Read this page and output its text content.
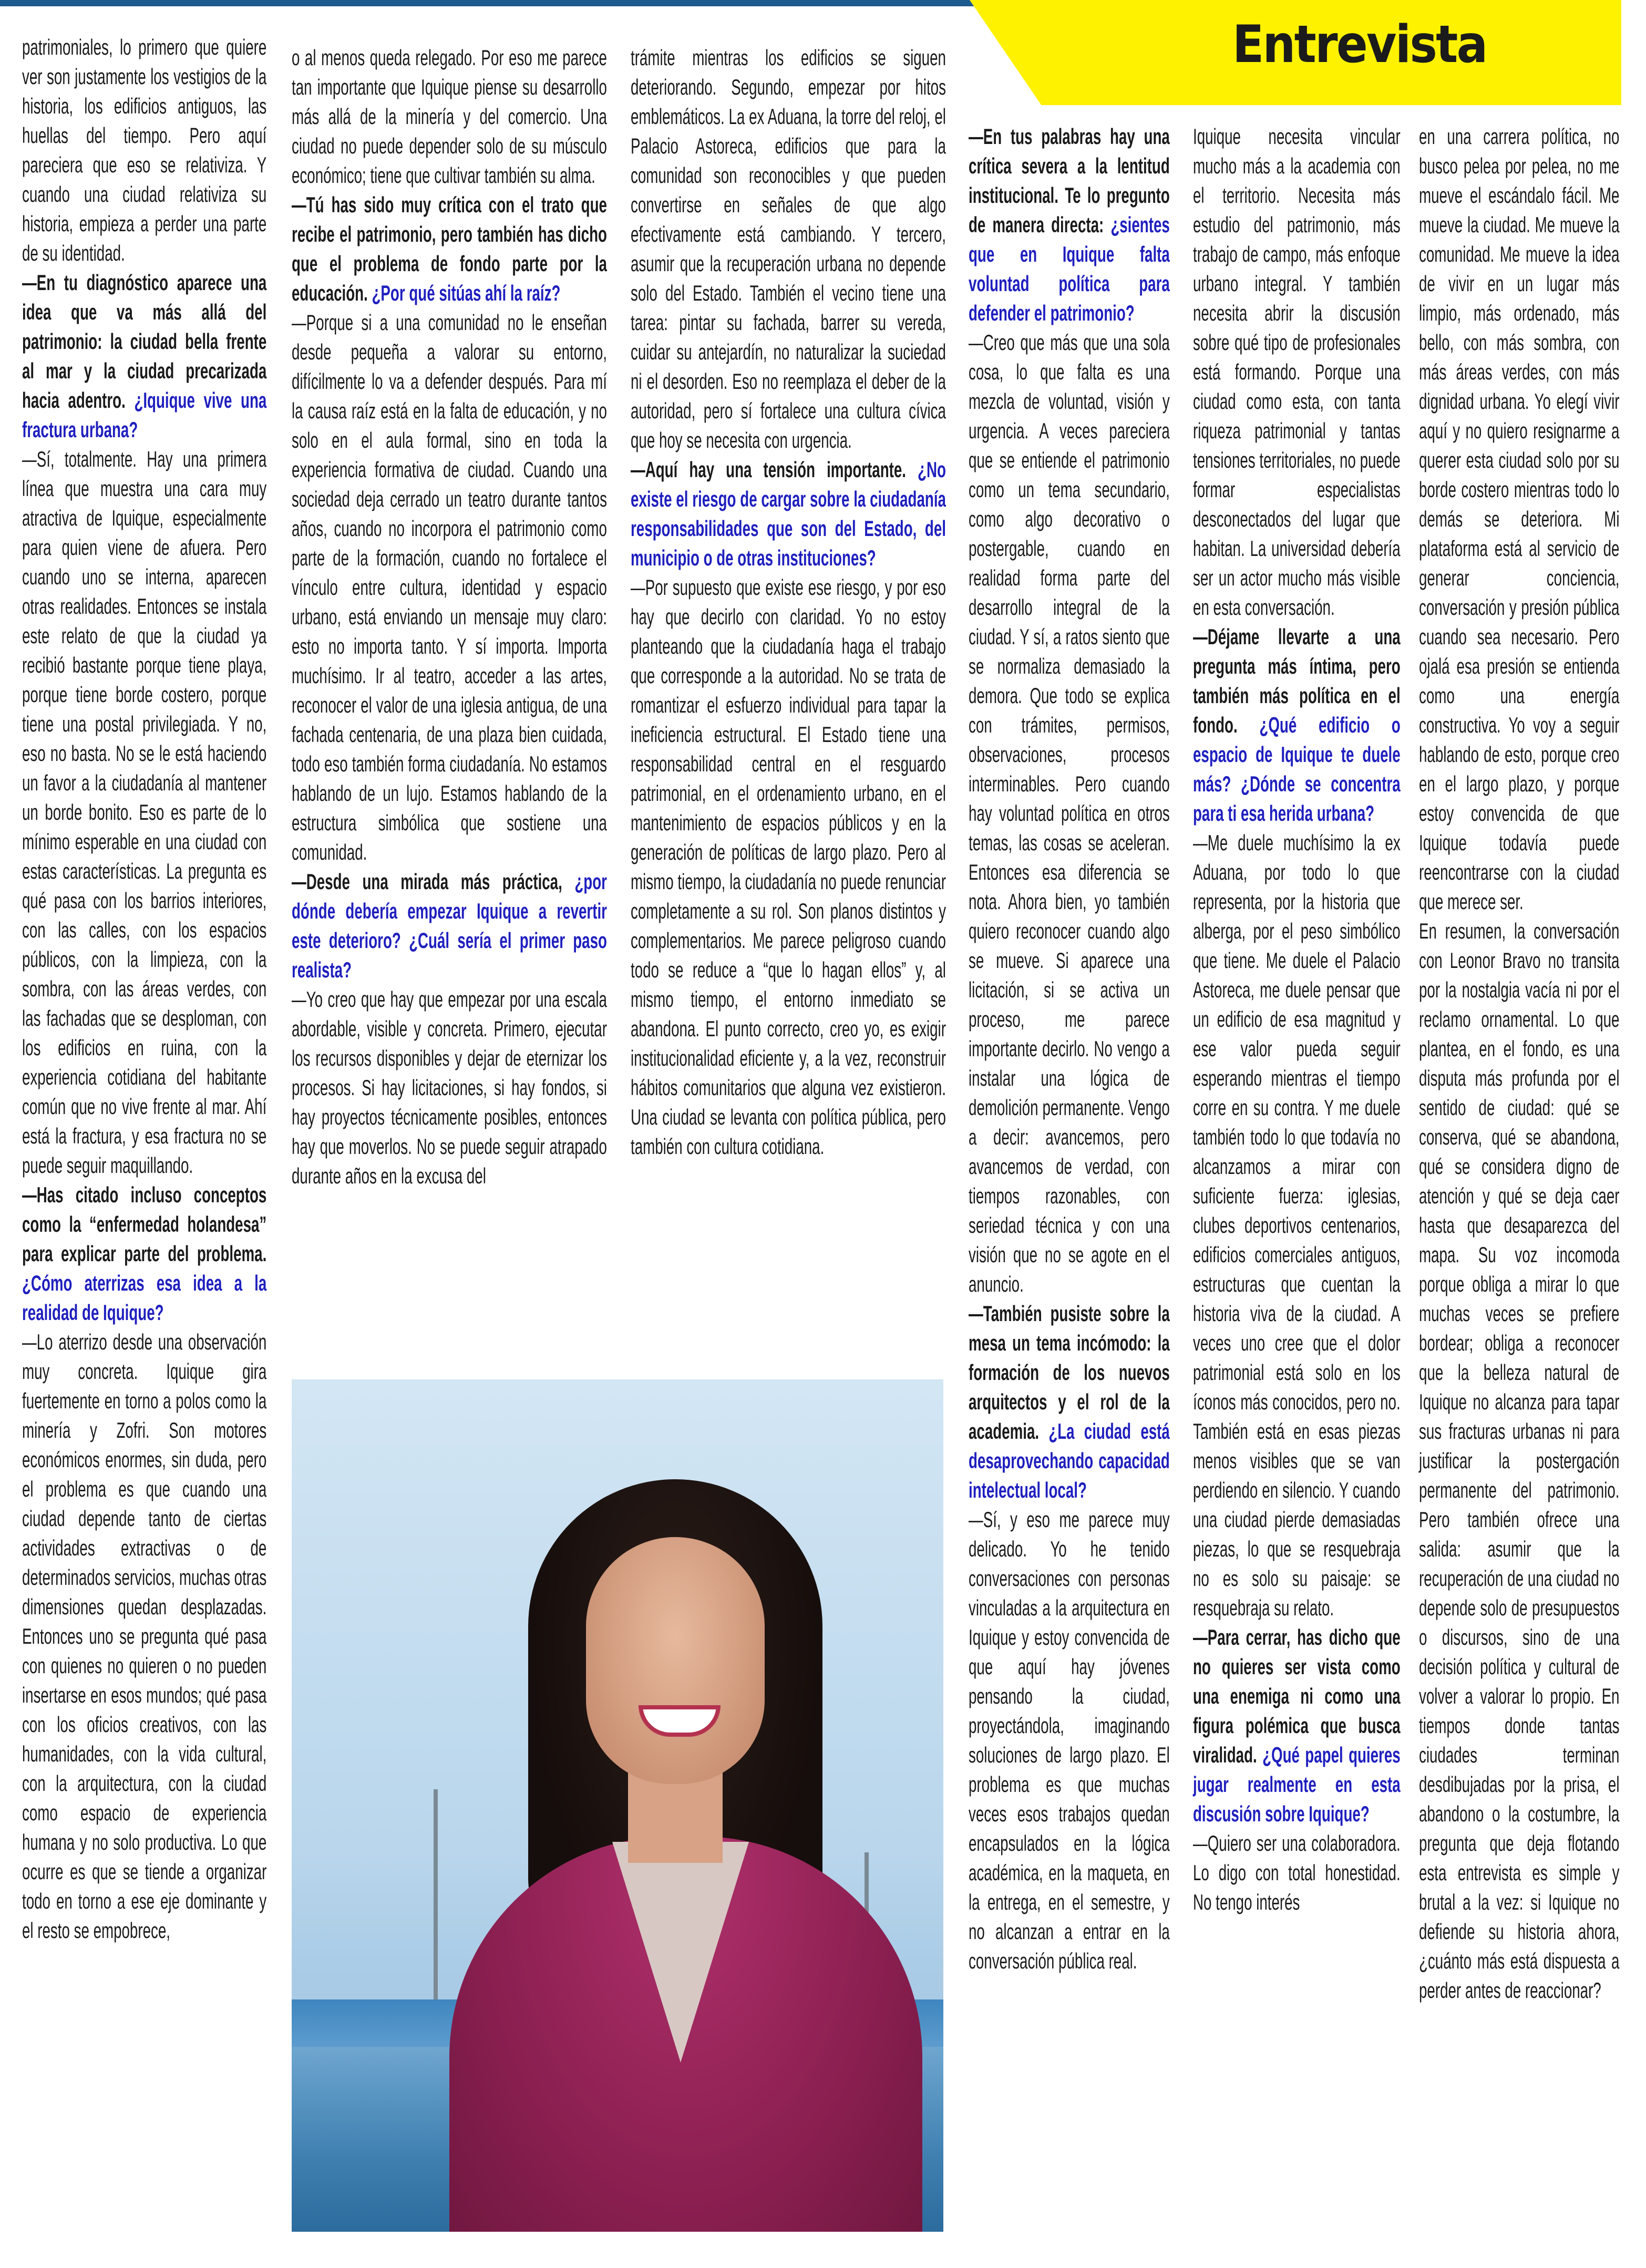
Entrevista

patrimoniales, lo primero que quiere ver son justamente los vestigios de la historia, los edificios antiguos, las huellas del tiempo. Pero aquí pareciera que eso se relativiza. Y cuando una ciudad relativiza su historia, empieza a perder una parte de su identidad.

—En tu diagnóstico aparece una idea que va más allá del patrimonio: la ciudad bella frente al mar y la ciudad precarizada hacia adentro. ¿Iquique vive una fractura urbana?

—Sí, totalmente. Hay una primera línea que muestra una cara muy atractiva de Iquique, especialmente para quien viene de afuera. Pero cuando uno se interna, aparecen otras realidades. Entonces se instala este relato de que la ciudad ya recibió bastante porque tiene playa, porque tiene borde costero, porque tiene una postal privilegiada. Y no, eso no basta. No se le está haciendo un favor a la ciudadanía al mantener un borde bonito. Eso es parte de lo mínimo esperable en una ciudad con estas características. La pregunta es qué pasa con los barrios interiores, con las calles, con los espacios públicos, con la limpieza, con la sombra, con las áreas verdes, con las fachadas que se desploman, con los edificios en ruina, con la experiencia cotidiana del habitante común que no vive frente al mar. Ahí está la fractura, y esa fractura no se puede seguir maquillando.

—Has citado incluso conceptos como la “enfermedad holandesa” para explicar parte del problema. ¿Cómo aterrizas esa idea a la realidad de Iquique?

—Lo aterrizo desde una observación muy concreta. Iquique gira fuertemente en torno a polos como la minería y Zofri. Son motores económicos enormes, sin duda, pero el problema es que cuando una ciudad depende tanto de ciertas actividades extractivas o de determinados servicios, muchas otras dimensiones quedan desplazadas. Entonces uno se pregunta qué pasa con quienes no quieren o no pueden insertarse en esos mundos; qué pasa con los oficios creativos, con las humanidades, con la vida cultural, con la arquitectura, con la ciudad como espacio de experiencia humana y no solo productiva. Lo que ocurre es que se tiende a organizar todo en torno a ese eje dominante y el resto se empobrece,

o al menos queda relegado. Por eso me parece tan importante que Iquique piense su desarrollo más allá de la minería y del comercio. Una ciudad no puede depender solo de su músculo económico; tiene que cultivar también su alma.

—Tú has sido muy crítica con el trato que recibe el patrimonio, pero también has dicho que el problema de fondo parte por la educación. ¿Por qué sitúas ahí la raíz?

—Porque si a una comunidad no le enseñan desde pequeña a valorar su entorno, difícilmente lo va a defender después. Para mí la causa raíz está en la falta de educación, y no solo en el aula formal, sino en toda la experiencia formativa de ciudad. Cuando una sociedad deja cerrado un teatro durante tantos años, cuando no incorpora el patrimonio como parte de la formación, cuando no fortalece el vínculo entre cultura, identidad y espacio urbano, está enviando un mensaje muy claro: esto no importa tanto. Y sí importa. Importa muchísimo. Ir al teatro, acceder a las artes, reconocer el valor de una iglesia antigua, de una fachada centenaria, de una plaza bien cuidada, todo eso también forma ciudadanía. No estamos hablando de un lujo. Estamos hablando de la estructura simbólica que sostiene una comunidad.

—Desde una mirada más práctica, ¿por dónde debería empezar Iquique a revertir este deterioro? ¿Cuál sería el primer paso realista?

—Yo creo que hay que empezar por una escala abordable, visible y concreta. Primero, ejecutar los recursos disponibles y dejar de eternizar los procesos. Si hay licitaciones, si hay fondos, si hay proyectos técnicamente posibles, entonces hay que moverlos. No se puede seguir atrapado durante años en la excusa del

trámite mientras los edificios se siguen deteriorando. Segundo, empezar por hitos emblemáticos. La ex Aduana, la torre del reloj, el Palacio Astoreca, edificios que para la comunidad son reconocibles y que pueden convertirse en señales de que algo efectivamente está cambiando. Y tercero, asumir que la recuperación urbana no depende solo del Estado. También el vecino tiene una tarea: pintar su fachada, barrer su vereda, cuidar su antejardín, no naturalizar la suciedad ni el desorden. Eso no reemplaza el deber de la autoridad, pero sí fortalece una cultura cívica que hoy se necesita con urgencia.

—Aquí hay una tensión importante. ¿No existe el riesgo de cargar sobre la ciudadanía responsabilidades que son del Estado, del municipio o de otras instituciones?

—Por supuesto que existe ese riesgo, y por eso hay que decirlo con claridad. Yo no estoy planteando que la ciudadanía haga el trabajo que corresponde a la autoridad. No se trata de romantizar el esfuerzo individual para tapar la ineficiencia estructural. El Estado tiene una responsabilidad central en el resguardo patrimonial, en el ordenamiento urbano, en el mantenimiento de espacios públicos y en la generación de políticas de largo plazo. Pero al mismo tiempo, la ciudadanía no puede renunciar completamente a su rol. Son planos distintos y complementarios. Me parece peligroso cuando todo se reduce a “que lo hagan ellos” y, al mismo tiempo, el entorno inmediato se abandona. El punto correcto, creo yo, es exigir institucionalidad eficiente y, a la vez, reconstruir hábitos comunitarios que alguna vez existieron. Una ciudad se levanta con política pública, pero también con cultura cotidiana.

—En tus palabras hay una crítica severa a la lentitud institucional. Te lo pregunto de manera directa: ¿sientes que en Iquique falta voluntad política para defender el patrimonio?

—Creo que más que una sola cosa, lo que falta es una mezcla de voluntad, visión y urgencia. A veces pareciera que se entiende el patrimonio como un tema secundario, como algo decorativo o postergable, cuando en realidad forma parte del desarrollo integral de la ciudad. Y sí, a ratos siento que se normaliza demasiado la demora. Que todo se explica con trámites, permisos, observaciones, procesos interminables. Pero cuando hay voluntad política en otros temas, las cosas se aceleran. Entonces esa diferencia se nota. Ahora bien, yo también quiero reconocer cuando algo se mueve. Si aparece una licitación, si se activa un proceso, me parece importante decirlo. No vengo a instalar una lógica de demolición permanente. Vengo a decir: avancemos, pero avancemos de verdad, con tiempos razonables, con seriedad técnica y con una visión que no se agote en el anuncio.

—También pusiste sobre la mesa un tema incómodo: la formación de los nuevos arquitectos y el rol de la academia. ¿La ciudad está desaprovechando capacidad intelectual local?

—Sí, y eso me parece muy delicado. Yo he tenido conversaciones con personas vinculadas a la arquitectura en Iquique y estoy convencida de que aquí hay jóvenes pensando la ciudad, proyectándola, imaginando soluciones de largo plazo. El problema es que muchas veces esos trabajos quedan encapsulados en la lógica académica, en la maqueta, en la entrega, en el semestre, y no alcanzan a entrar en la conversación pública real.

Iquique necesita vincular mucho más a la academia con el territorio. Necesita más estudio del patrimonio, más trabajo de campo, más enfoque urbano integral. Y también necesita abrir la discusión sobre qué tipo de profesionales está formando. Porque una ciudad como esta, con tanta riqueza patrimonial y tantas tensiones territoriales, no puede formar especialistas desconectados del lugar que habitan. La universidad debería ser un actor mucho más visible en esta conversación.

—Déjame llevarte a una pregunta más íntima, pero también más política en el fondo. ¿Qué edificio o espacio de Iquique te duele más? ¿Dónde se concentra para ti esa herida urbana?

—Me duele muchísimo la ex Aduana, por todo lo que representa, por la historia que alberga, por el peso simbólico que tiene. Me duele el Palacio Astoreca, me duele pensar que un edificio de esa magnitud y ese valor pueda seguir esperando mientras el tiempo corre en su contra. Y me duele también todo lo que todavía no alcanzamos a mirar con suficiente fuerza: iglesias, clubes deportivos centenarios, edificios comerciales antiguos, estructuras que cuentan la historia viva de la ciudad. A veces uno cree que el dolor patrimonial está solo en los íconos más conocidos, pero no. También está en esas piezas menos visibles que se van perdiendo en silencio. Y cuando una ciudad pierde demasiadas piezas, lo que se resquebraja no es solo su paisaje: se resquebraja su relato.

—Para cerrar, has dicho que no quieres ser vista como una enemiga ni como una figura polémica que busca viralidad. ¿Qué papel quieres jugar realmente en esta discusión sobre Iquique?

—Quiero ser una colaboradora. Lo digo con total honestidad. No tengo interés

en una carrera política, no busco pelea por pelea, no me mueve el escándalo fácil. Me mueve la ciudad. Me mueve la comunidad. Me mueve la idea de vivir en un lugar más limpio, más ordenado, más bello, con más sombra, con más áreas verdes, con más dignidad urbana. Yo elegí vivir aquí y no quiero resignarme a querer esta ciudad solo por su borde costero mientras todo lo demás se deteriora. Mi plataforma está al servicio de generar conciencia, conversación y presión pública cuando sea necesario. Pero ojalá esa presión se entienda como una energía constructiva. Yo voy a seguir hablando de esto, porque creo en el largo plazo, y porque estoy convencida de que Iquique todavía puede reencontrarse con la ciudad que merece ser.

En resumen, la conversación con Leonor Bravo no transita por la nostalgia vacía ni por el reclamo ornamental. Lo que plantea, en el fondo, es una disputa más profunda por el sentido de ciudad: qué se conserva, qué se abandona, qué se considera digno de atención y qué se deja caer hasta que desaparezca del mapa. Su voz incomoda porque obliga a mirar lo que muchas veces se prefiere bordear; obliga a reconocer que la belleza natural de Iquique no alcanza para tapar sus fracturas urbanas ni para justificar la postergación permanente del patrimonio. Pero también ofrece una salida: asumir que la recuperación de una ciudad no depende solo de presupuestos o discursos, sino de una decisión política y cultural de volver a valorar lo propio. En tiempos donde tantas ciudades terminan desdibujadas por la prisa, el abandono o la costumbre, la pregunta que deja flotando esta entrevista es simple y brutal a la vez: si Iquique no defiende su historia ahora, ¿cuánto más está dispuesta a perder antes de reaccionar?
